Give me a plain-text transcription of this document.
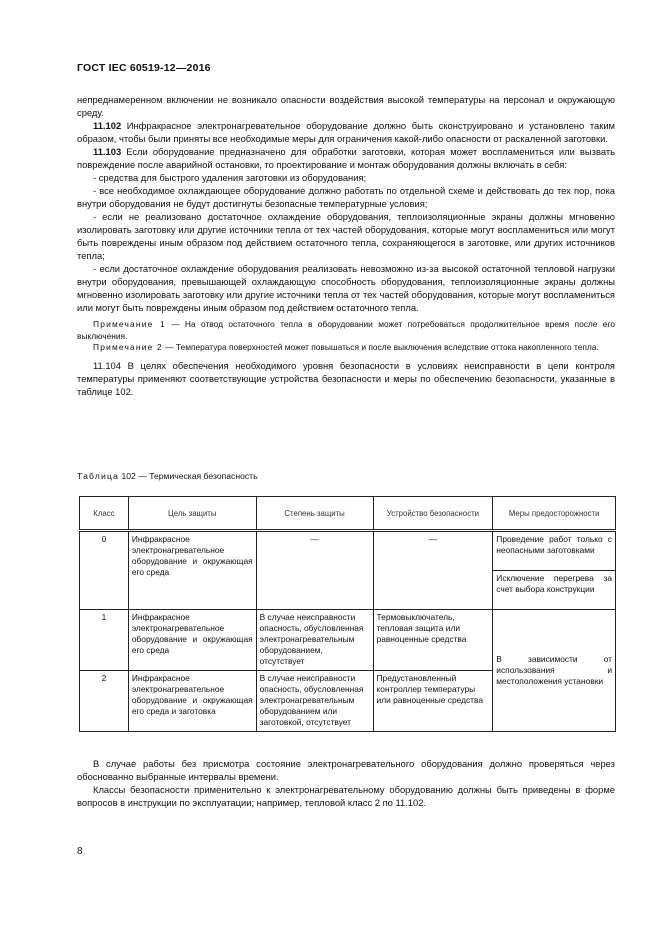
ГОСТ IEC 60519-12—2016

непреднамеренном включении не возникало опасности воздействия высокой температуры на персонал и окружающую среду.

11.102 Инфракрасное электронагревательное оборудование должно быть сконструировано и установлено таким образом, чтобы были приняты все необходимые меры для ограничения какой-либо опасности от раскаленной заготовки.

11.103 Если оборудование предназначено для обработки заготовки, которая может воспламениться или вызвать повреждение после аварийной остановки, то проектирование и монтаж оборудования должны включать в себя:

- средства для быстрого удаления заготовки из оборудования;

- все необходимое охлаждающее оборудование должно работать по отдельной схеме и действовать до тех пор, пока внутри оборудования не будут достигнуты безопасные температурные условия;

- если не реализовано достаточное охлаждение оборудования, теплоизоляционные экраны должны мгновенно изолировать заготовку или другие источники тепла от тех частей оборудования, которые могут воспламениться или могут быть повреждены иным образом под действием остаточного тепла, сохраняющегося в заготовке, или других источников тепла;

- если достаточное охлаждение оборудования реализовать невозможно из-за высокой остаточной тепловой нагрузки внутри оборудования, превышающей охлаждающую способность оборудования, теплоизоляционные экраны должны мгновенно изолировать заготовку или другие источники тепла от тех частей оборудования, которые могут воспламениться или могут быть повреждены иным образом под действием остаточного тепла.

Примечание 1 — На отвод остаточного тепла в оборудовании может потребоваться продолжительное время после его выключения.

Примечание 2 — Температура поверхностей может повышаться и после выключения вследствие оттока накопленного тепла.

11.104 В целях обеспечения необходимого уровня безопасности в условиях неисправности в цепи контроля температуры применяют соответствующие устройства безопасности и меры по обеспечению безопасности, указанные в таблице 102.

Таблица 102 — Термическая безопасность
Класс	Цель защиты	Степень защиты	Устройство безопасности	Меры предосторожности
0	Инфракрасное электронагревательное оборудование и окружающая его среда	—	—	Проведение работ только с неопасными заготовками
				Исключение перегрева за счет выбора конструкции
1	Инфракрасное электронагревательное оборудование и окружающая его среда	В случае неисправности опасность, обусловленная электронагревательным оборудованием, отсутствует	Термовыключатель, тепловая защита или равноценные средства	В зависимости от использования и местоположения установки
2	Инфракрасное электронагревательное оборудование и окружающая его среда и заготовка	В случае неисправности опасность, обусловленная электронагревательным оборудованием или заготовкой, отсутствует	Предустановленный контроллер температуры или равноценные средства	

В случае работы без присмотра состояние электронагревательного оборудования должно проверяться через обоснованно выбранные интервалы времени.

Классы безопасности применительно к электронагревательному оборудованию должны быть приведены в форме вопросов в инструкции по эксплуатации; например, тепловой класс 2 по 11.102.

8
